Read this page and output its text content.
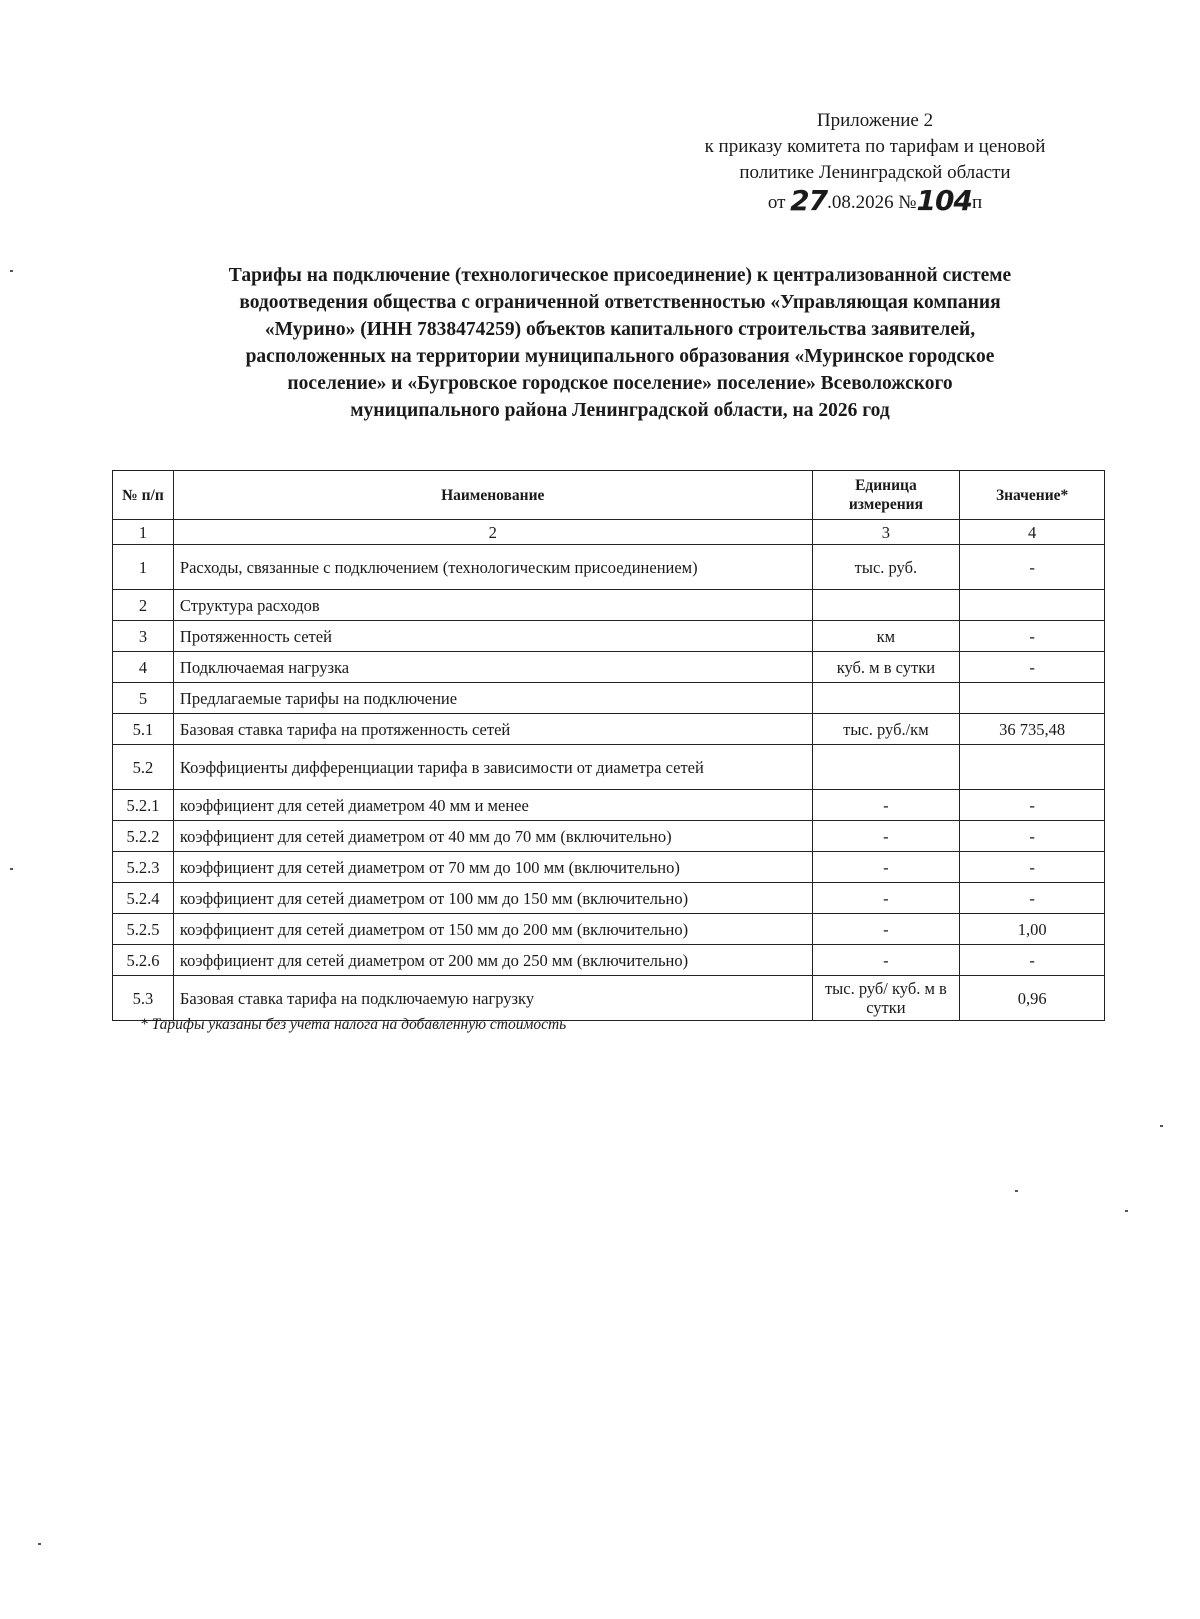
Приложение 2
к приказу комитета по тарифам и ценовой
политике Ленинградской области
от 27.08.2026 №104п
Тарифы на подключение (технологическое присоединение) к централизованной системе
водоотведения общества с ограниченной ответственностью «Управляющая компания
«Мурино» (ИНН 7838474259) объектов капитального строительства заявителей,
расположенных на территории муниципального образования «Муринское городское
поселение» и «Бугровское городское поселение» поселение» Всеволожского
муниципального района Ленинградской области, на 2026 год
№ п/п	Наименование	Единица измерения	Значение*
1	2	3	4
1	Расходы, связанные с подключением (технологическим присоединением)	тыс. руб.	-
2	Структура расходов		
3	Протяженность сетей	км	-
4	Подключаемая нагрузка	куб. м в сутки	-
5	Предлагаемые тарифы на подключение		
5.1	Базовая ставка тарифа на протяженность сетей	тыс. руб./км	36 735,48
5.2	Коэффициенты дифференциации тарифа в зависимости от диаметра сетей		
5.2.1	коэффициент для сетей диаметром 40 мм и менее	-	-
5.2.2	коэффициент для сетей диаметром от 40 мм до 70 мм (включительно)	-	-
5.2.3	коэффициент для сетей диаметром от 70 мм до 100 мм (включительно)	-	-
5.2.4	коэффициент для сетей диаметром от 100 мм до 150 мм (включительно)	-	-
5.2.5	коэффициент для сетей диаметром от 150 мм до 200 мм (включительно)	-	1,00
5.2.6	коэффициент для сетей диаметром от 200 мм до 250 мм (включительно)	-	-
5.3	Базовая ставка тарифа на подключаемую нагрузку	тыс. руб/ куб. м в сутки	0,96
* Тарифы указаны без учета налога на добавленную стоимость
